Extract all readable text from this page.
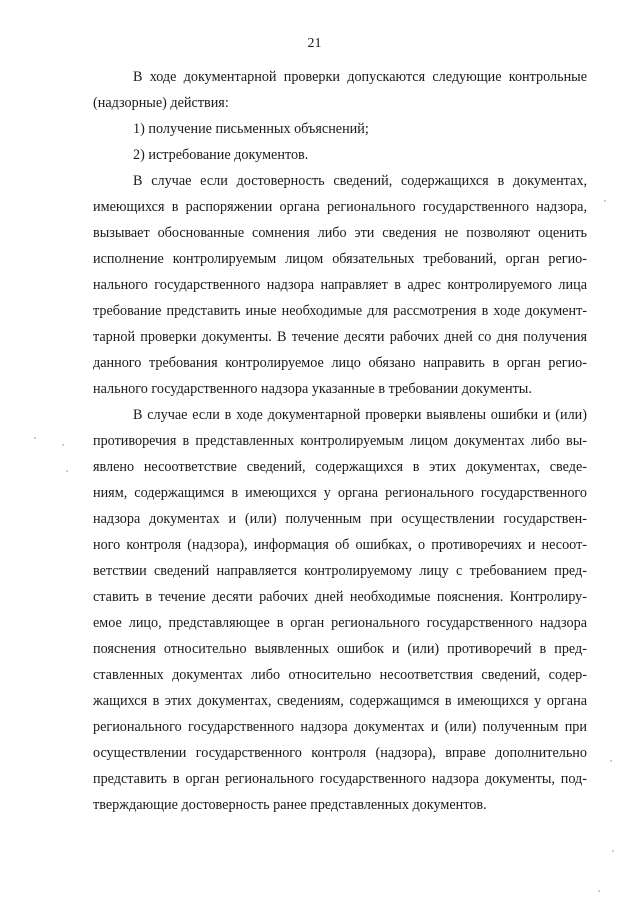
21

В ходе документарной проверки допускаются следующие контрольные
(надзорные) действия:

1) получение письменных объяснений;
2) истребование документов.

В случае если достоверность сведений, содержащихся в документах,
имеющихся в распоряжении органа регионального государственного надзора,
вызывает обоснованные сомнения либо эти сведения не позволяют оценить
исполнение контролируемым лицом обязательных требований, орган регио-
нального государственного надзора направляет в адрес контролируемого лица
требование представить иные необходимые для рассмотрения в ходе документ-
тарной проверки документы. В течение десяти рабочих дней со дня получения
данного требования контролируемое лицо обязано направить в орган регио-
нального государственного надзора указанные в требовании документы.

В случае если в ходе документарной проверки выявлены ошибки и (или)
противоречия в представленных контролируемым лицом документах либо вы-
явлено несоответствие сведений, содержащихся в этих документах, сведе-
ниям, содержащимся в имеющихся у органа регионального государственного
надзора документах и (или) полученным при осуществлении государствен-
ного контроля (надзора), информация об ошибках, о противоречиях и несоот-
ветствии сведений направляется контролируемому лицу с требованием пред-
ставить в течение десяти рабочих дней необходимые пояснения. Контролиру-
емое лицо, представляющее в орган регионального государственного надзора
пояснения относительно выявленных ошибок и (или) противоречий в пред-
ставленных документах либо относительно несоответствия сведений, содер-
жащихся в этих документах, сведениям, содержащимся в имеющихся у органа
регионального государственного надзора документах и (или) полученным при
осуществлении государственного контроля (надзора), вправе дополнительно
представить в орган регионального государственного надзора документы, под-
тверждающие достоверность ранее представленных документов.
